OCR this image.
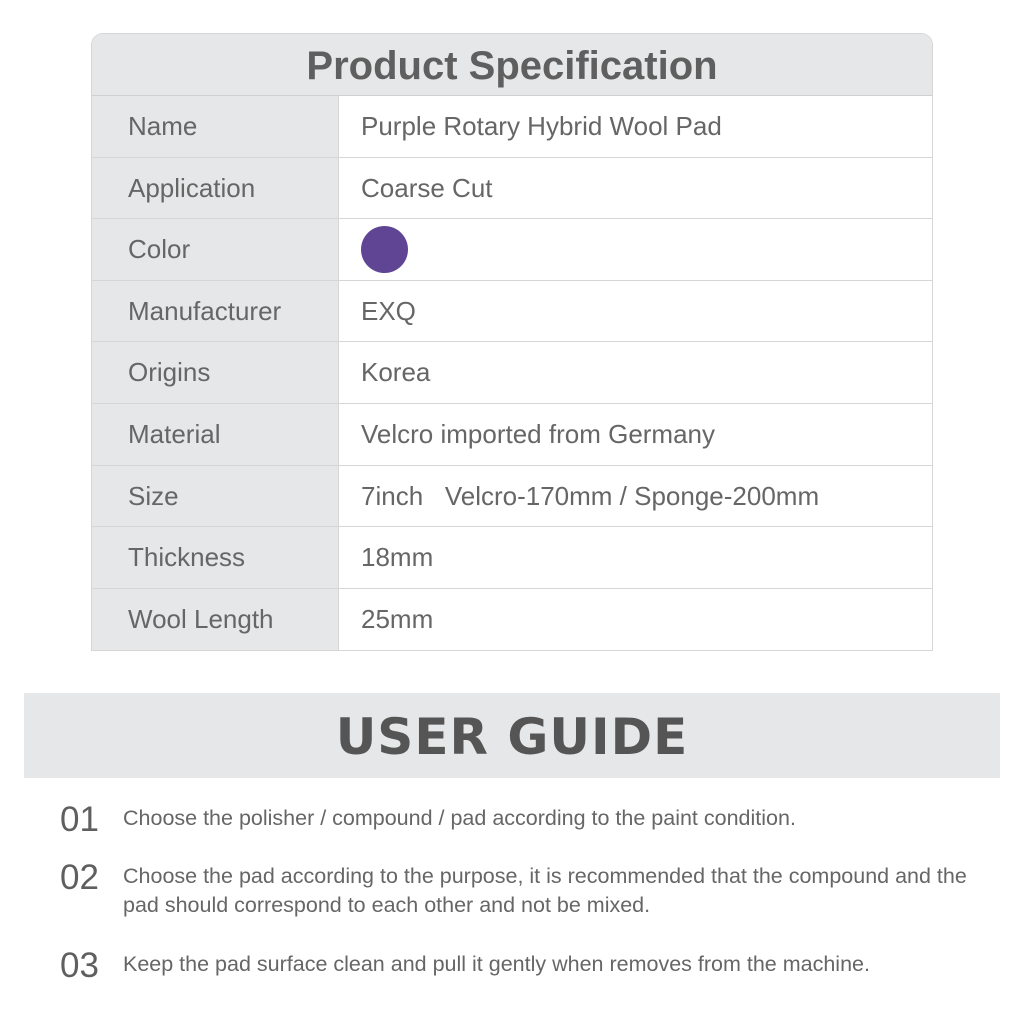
Product Specification
Name	Purple Rotary Hybrid Wool Pad
Application	Coarse Cut
Color
Manufacturer	EXQ
Origins	Korea
Material	Velcro imported from Germany
Size	7inch   Velcro-170mm / Sponge-200mm
Thickness	18mm
Wool Length	25mm
USER GUIDE
01	Choose the polisher / compound / pad according to the paint condition.
02	Choose the pad according to the purpose, it is recommended that the compound and the pad should correspond to each other and not be mixed.
03	Keep the pad surface clean and pull it gently when removes from the machine.
